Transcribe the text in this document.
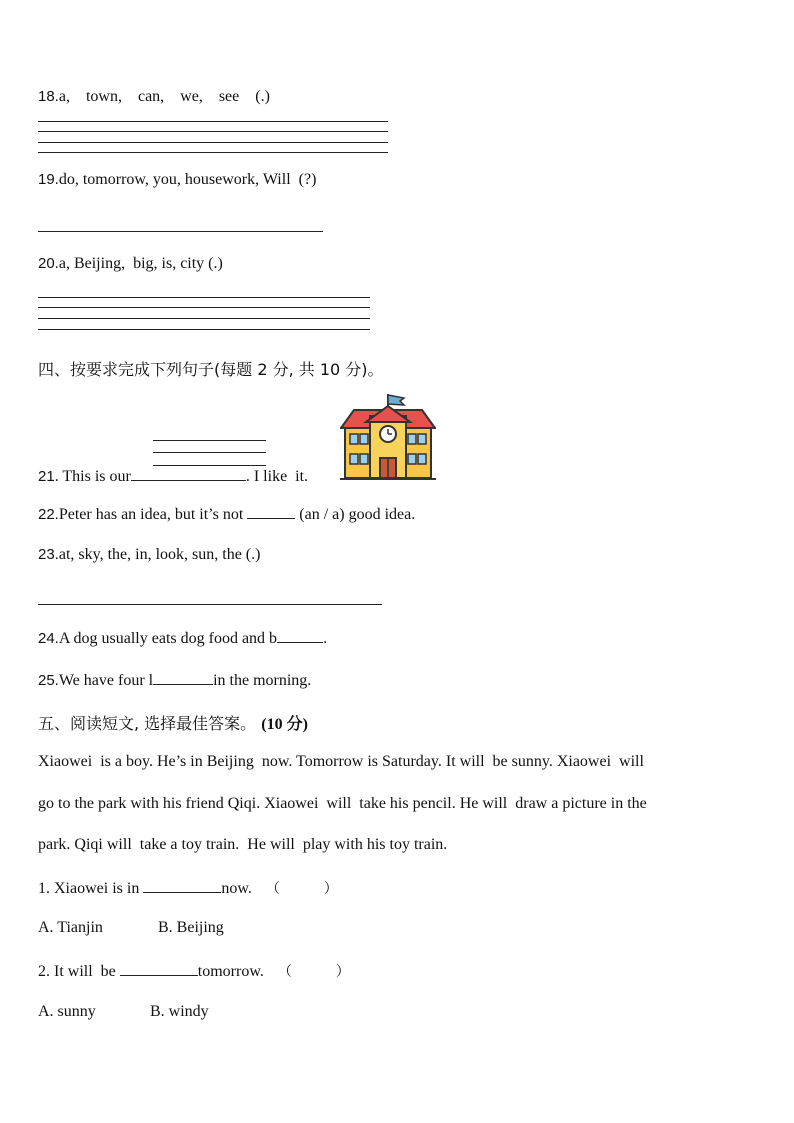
18.a,    town,    can,    we,    see    (.)
19.do, tomorrow, you, housework, Will  (?)
20.a, Beijing,  big, is, city (.)
四、按要求完成下列句子(每题 2 分, 共 10 分)。
21. This is our	. I like  it.
22.Peter has an idea, but it’s not	(an / a) good idea.
23.at, sky, the, in, look, sun, the (.)
24.A dog usually eats dog food and b	.
25.We have four l	in the morning.
五、阅读短文, 选择最佳答案。 (10 分)
Xiaowei  is a boy. He’s in Beijing  now. Tomorrow is Saturday. It will  be sunny. Xiaowei  will
go to the park with his friend Qiqi. Xiaowei  will  take his pencil. He will  draw a picture in the
park. Qiqi will  take a toy train.  He will  play with his toy train.
1. Xiaowei is in	now. （	）
A. Tianjin	B. Beijing
2. It will  be	tomorrow. （	）
A. sunny	B. windy
